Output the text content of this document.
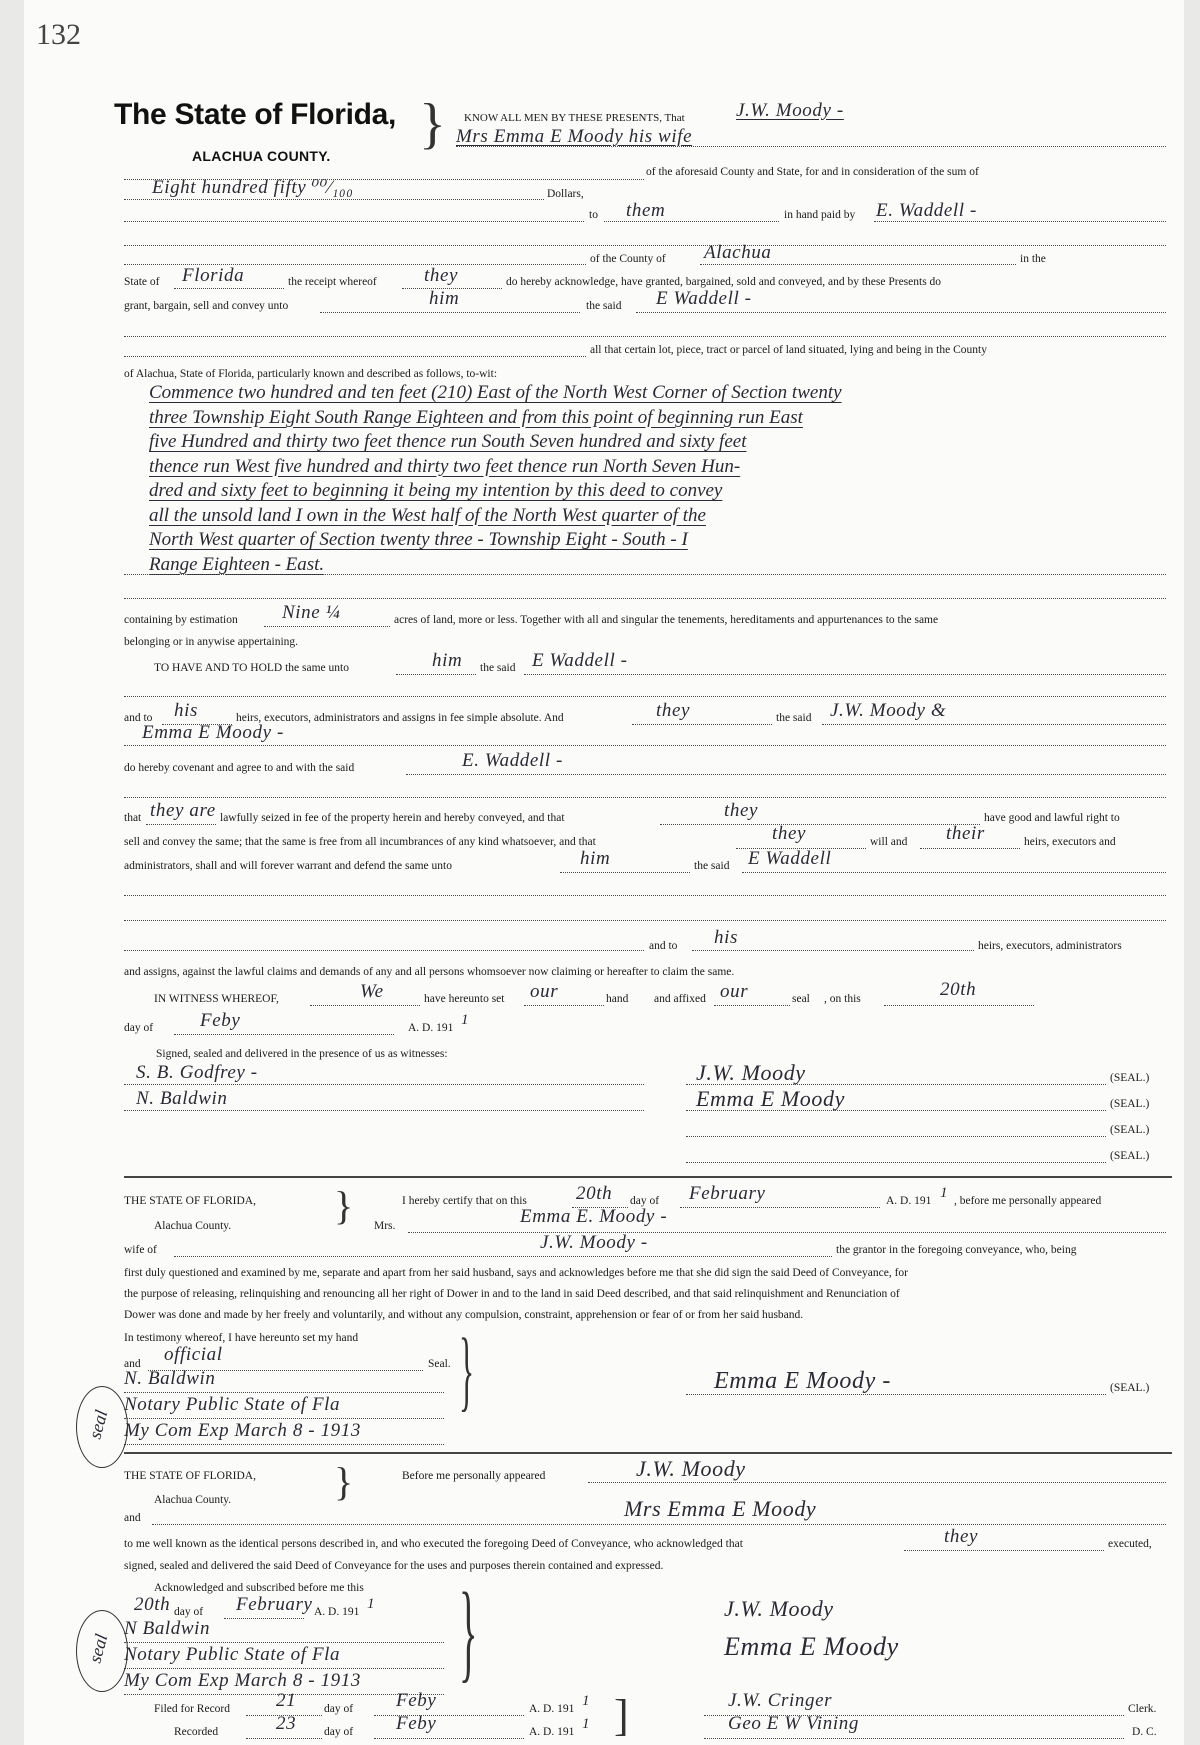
132
The State of Florida,
ALACHUA COUNTY.
} KNOW ALL MEN BY THESE PRESENTS, That	J.W. Moody -
Mrs Emma E Moody his wife
of the aforesaid County and State, for and in consideration of the sum of
Eight hundred fifty ⁰⁰⁄₁₀₀	Dollars,
to them	in hand paid by E. Waddell -
of the County of Alachua	in the
State of Florida	the receipt whereof they	do hereby acknowledge, have granted, bargained, sold and conveyed, and by these Presents do
grant, bargain, sell and convey unto	him	the said E Waddell -
all that certain lot, piece, tract or parcel of land situated, lying and being in the County
of Alachua, State of Florida, particularly known and described as follows, to-wit:
Commence two hundred and ten feet (210) East of the North West Corner of Section twenty
three Township Eight South Range Eighteen and from this point of beginning run East
five Hundred and thirty two feet thence run South Seven hundred and sixty feet
thence run West five hundred and thirty two feet thence run North Seven Hun-
dred and sixty feet to beginning it being my intention by this deed to convey
all the unsold land I own in the West half of the North West quarter of the
North West quarter of Section twenty three - Township Eight - South - I
Range Eighteen - East.
containing by estimation Nine ¼	acres of land, more or less. Together with all and singular the tenements, hereditaments and appurtenances to the same
belonging or in anywise appertaining.
TO HAVE AND TO HOLD the same unto	him the said E Waddell -
and to his	heirs, executors, administrators and assigns in fee simple absolute. And	they	the said J.W. Moody &
Emma E Moody -
do hereby covenant and agree to and with the said	E. Waddell -
that they are lawfully seized in fee of the property herein and hereby conveyed, and that	they	have good and lawful right to
sell and convey the same; that the same is free from all incumbrances of any kind whatsoever, and that	they	will and their	heirs, executors and
administrators, shall and will forever warrant and defend the same unto	him	the said E Waddell
and to his	heirs, executors, administrators
and assigns, against the lawful claims and demands of any and all persons whomsoever now claiming or hereafter to claim the same.
IN WITNESS WHEREOF,	We	have hereunto set our	hand and affixed our	seal , on this	20th
day of Feby	A. D. 191 1
Signed, sealed and delivered in the presence of us as witnesses:
S. B. Godfrey -
N. Baldwin
J.W. Moody	(SEAL.)
Emma E Moody	(SEAL.)
(SEAL.)
(SEAL.)
THE STATE OF FLORIDA, }
Alachua County.
I hereby certify that on this	20th day of February	A. D. 191 1 , before me personally appeared
Mrs.	Emma E. Moody -
wife of	J.W. Moody -	the grantor in the foregoing conveyance, who, being
first duly questioned and examined by me, separate and apart from her said husband, says and acknowledges before me that she did sign the said Deed of Conveyance, for
the purpose of releasing, relinquishing and renouncing all her right of Dower in and to the land in said Deed described, and that said relinquishment and Renunciation of
Dower was done and made by her freely and voluntarily, and without any compulsion, constraint, apprehension or fear of or from her said husband.
In testimony whereof, I have hereunto set my hand }
and official	Seal.
N. Baldwin
Notary Public State of Fla
My Com Exp March 8 - 1913
seal
Emma E Moody -	(SEAL.)
THE STATE OF FLORIDA, }
Alachua County.
Before me personally appeared	J.W. Moody
and	Mrs Emma E Moody
to me well known as the identical persons described in, and who executed the foregoing Deed of Conveyance, who acknowledged that	they	executed,
signed, sealed and delivered the said Deed of Conveyance for the uses and purposes therein contained and expressed.
Acknowledged and subscribed before me this }
20th day of February A. D. 191 1
N Baldwin
Notary Public State of Fla
My Com Exp March 8 - 1913
seal
J.W. Moody
Emma E Moody
Filed for Record 21 day of Feby	A. D. 191 1
Recorded	23 day of Feby	A. D. 191 1 ]	J.W. Cringer	Clerk.
Geo E W Vining	D. C.
